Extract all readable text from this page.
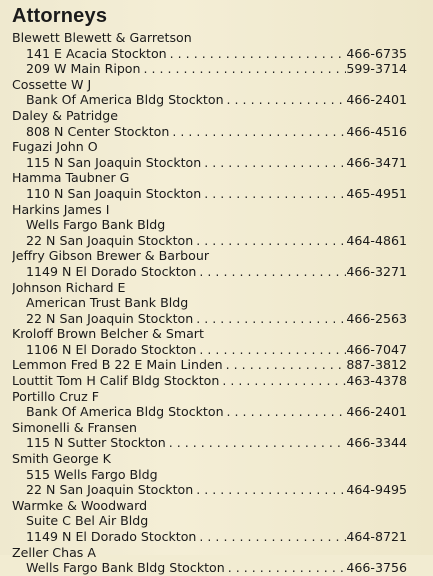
Attorneys
Blewett Blewett & Garretson
141 E Acacia Stockton . . .	466-6735
209 W Main Ripon . . .	599-3714
Cossette W J
Bank Of America Bldg Stockton . . .	466-2401
Daley & Patridge
808 N Center Stockton . . .	466-4516
Fugazi John O
115 N San Joaquin Stockton . . .	466-3471
Hamma Taubner G
110 N San Joaquin Stockton . . .	465-4951
Harkins James I
Wells Fargo Bank Bldg
22 N San Joaquin Stockton . . .	464-4861
Jeffry Gibson Brewer & Barbour
1149 N El Dorado Stockton . . .	466-3271
Johnson Richard E
American Trust Bank Bldg
22 N San Joaquin Stockton . . .	466-2563
Kroloff Brown Belcher & Smart
1106 N El Dorado Stockton . . .	466-7047
Lemmon Fred B 22 E Main Linden . . .	887-3812
Louttit Tom H Calif Bldg Stockton . . .	463-4378
Portillo Cruz F
Bank Of America Bldg Stockton . . .	466-2401
Simonelli & Fransen
115 N Sutter Stockton . . .	466-3344
Smith George K
515 Wells Fargo Bldg
22 N San Joaquin Stockton . . .	464-9495
Warmke & Woodward
Suite C Bel Air Bldg
1149 N El Dorado Stockton . . .	464-8721
Zeller Chas A
Wells Fargo Bank Bldg Stockton . . .	466-3756
